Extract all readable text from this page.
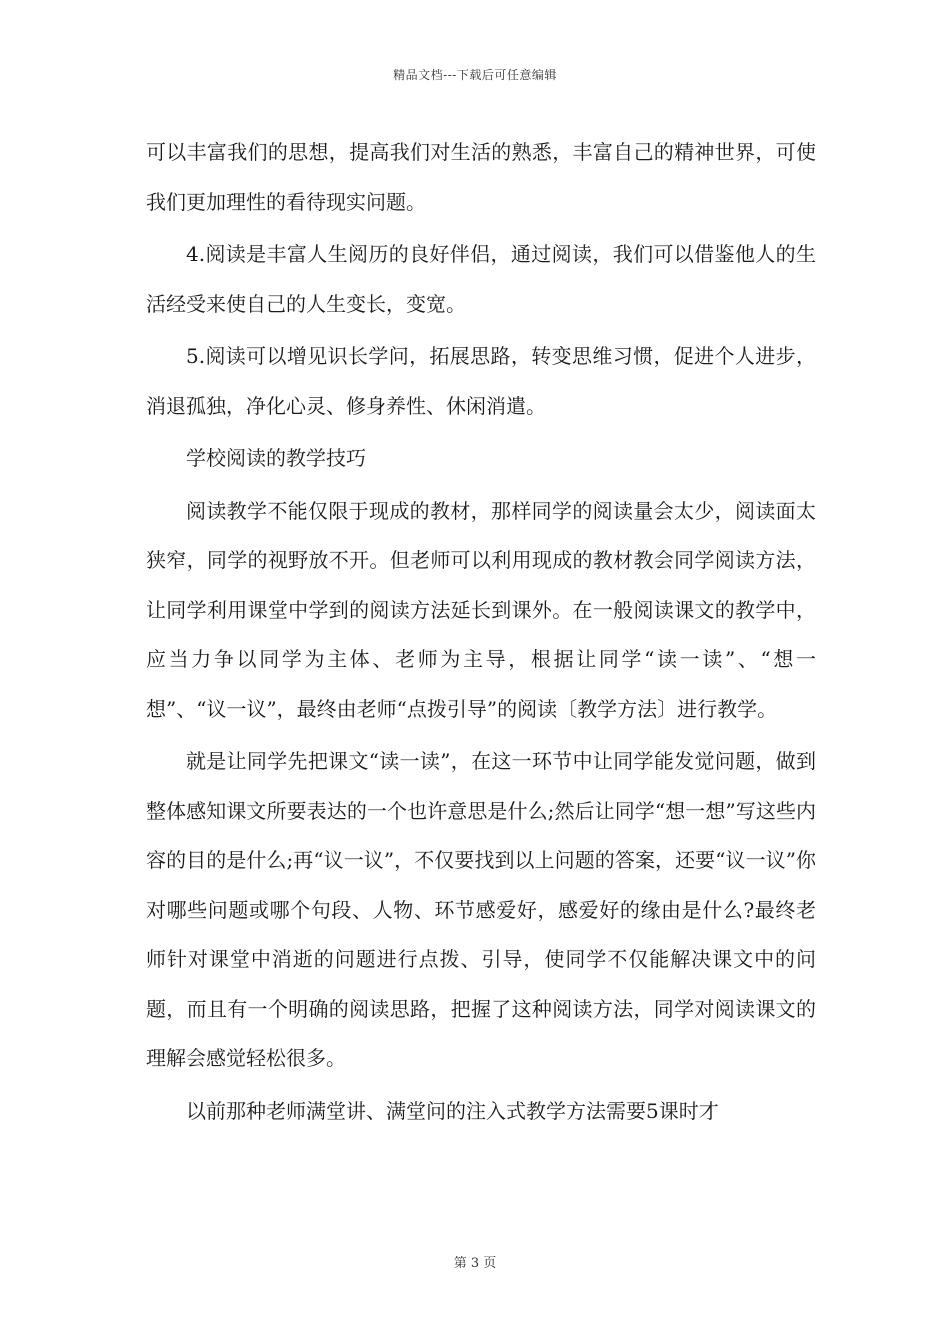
精品文档---下载后可任意编辑

可以丰富我们的思想，提高我们对生活的熟悉，丰富自己的精神世界，可使我们更加理性的看待现实问题。

4.阅读是丰富人生阅历的良好伴侣，通过阅读，我们可以借鉴他人的生活经受来使自己的人生变长，变宽。

5.阅读可以增见识长学问，拓展思路，转变思维习惯，促进个人进步，消退孤独，净化心灵、修身养性、休闲消遣。

学校阅读的教学技巧

阅读教学不能仅限于现成的教材，那样同学的阅读量会太少，阅读面太狭窄，同学的视野放不开。但老师可以利用现成的教材教会同学阅读方法，让同学利用课堂中学到的阅读方法延长到课外。在一般阅读课文的教学中，应当力争以同学为主体、老师为主导，根据让同学“读一读”、“想一想”、“议一议”，最终由老师“点拨引导”的阅读〔教学方法〕进行教学。

就是让同学先把课文“读一读”，在这一环节中让同学能发觉问题，做到整体感知课文所要表达的一个也许意思是什么;然后让同学“想一想”写这些内容的目的是什么;再“议一议”，不仅要找到以上问题的答案，还要“议一议”你对哪些问题或哪个句段、人物、环节感爱好，感爱好的缘由是什么?最终老师针对课堂中消逝的问题进行点拨、引导，使同学不仅能解决课文中的问题，而且有一个明确的阅读思路，把握了这种阅读方法，同学对阅读课文的理解会感觉轻松很多。

以前那种老师满堂讲、满堂问的注入式教学方法需要5课时才

第 3 页
